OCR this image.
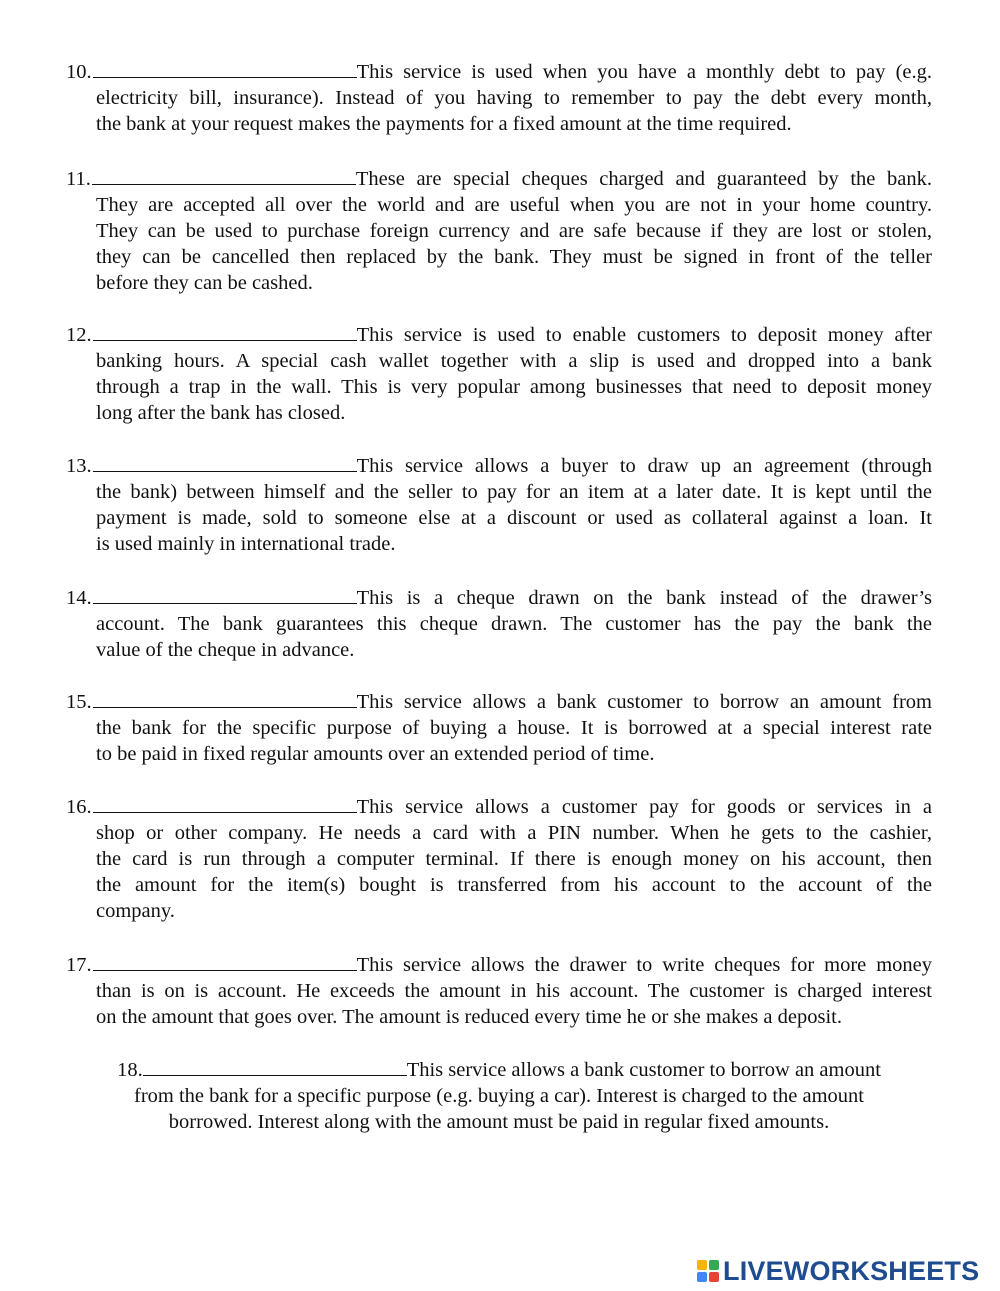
10.	This service is used when you have a monthly debt to pay (e.g.
electricity bill, insurance). Instead of you having to remember to pay the debt every month,
the bank at your request makes the payments for a fixed amount at the time required.
11.	These are special cheques charged and guaranteed by the bank.
They are accepted all over the world and are useful when you are not in your home country.
They can be used to purchase foreign currency and are safe because if they are lost or stolen,
they can be cancelled then replaced by the bank. They must be signed in front of the teller
before they can be cashed.
12.	This service is used to enable customers to deposit money after
banking hours. A special cash wallet together with a slip is used and dropped into a bank
through a trap in the wall. This is very popular among businesses that need to deposit money
long after the bank has closed.
13.	This service allows a buyer to draw up an agreement (through
the bank) between himself and the seller to pay for an item at a later date. It is kept until the
payment is made, sold to someone else at a discount or used as collateral against a loan. It
is used mainly in international trade.
14.	This is a cheque drawn on the bank instead of the drawer’s
account. The bank guarantees this cheque drawn. The customer has the pay the bank the
value of the cheque in advance.
15.	This service allows a bank customer to borrow an amount from
the bank for the specific purpose of buying a house. It is borrowed at a special interest rate
to be paid in fixed regular amounts over an extended period of time.
16.	This service allows a customer pay for goods or services in a
shop or other company. He needs a card with a PIN number. When he gets to the cashier,
the card is run through a computer terminal. If there is enough money on his account, then
the amount for the item(s) bought is transferred from his account to the account of the
company.
17.	This service allows the drawer to write cheques for more money
than is on is account. He exceeds the amount in his account. The customer is charged interest
on the amount that goes over. The amount is reduced every time he or she makes a deposit.
18.	This service allows a bank customer to borrow an amount
from the bank for a specific purpose (e.g. buying a car). Interest is charged to the amount
borrowed. Interest along with the amount must be paid in regular fixed amounts.
LIVEWORKSHEETS
